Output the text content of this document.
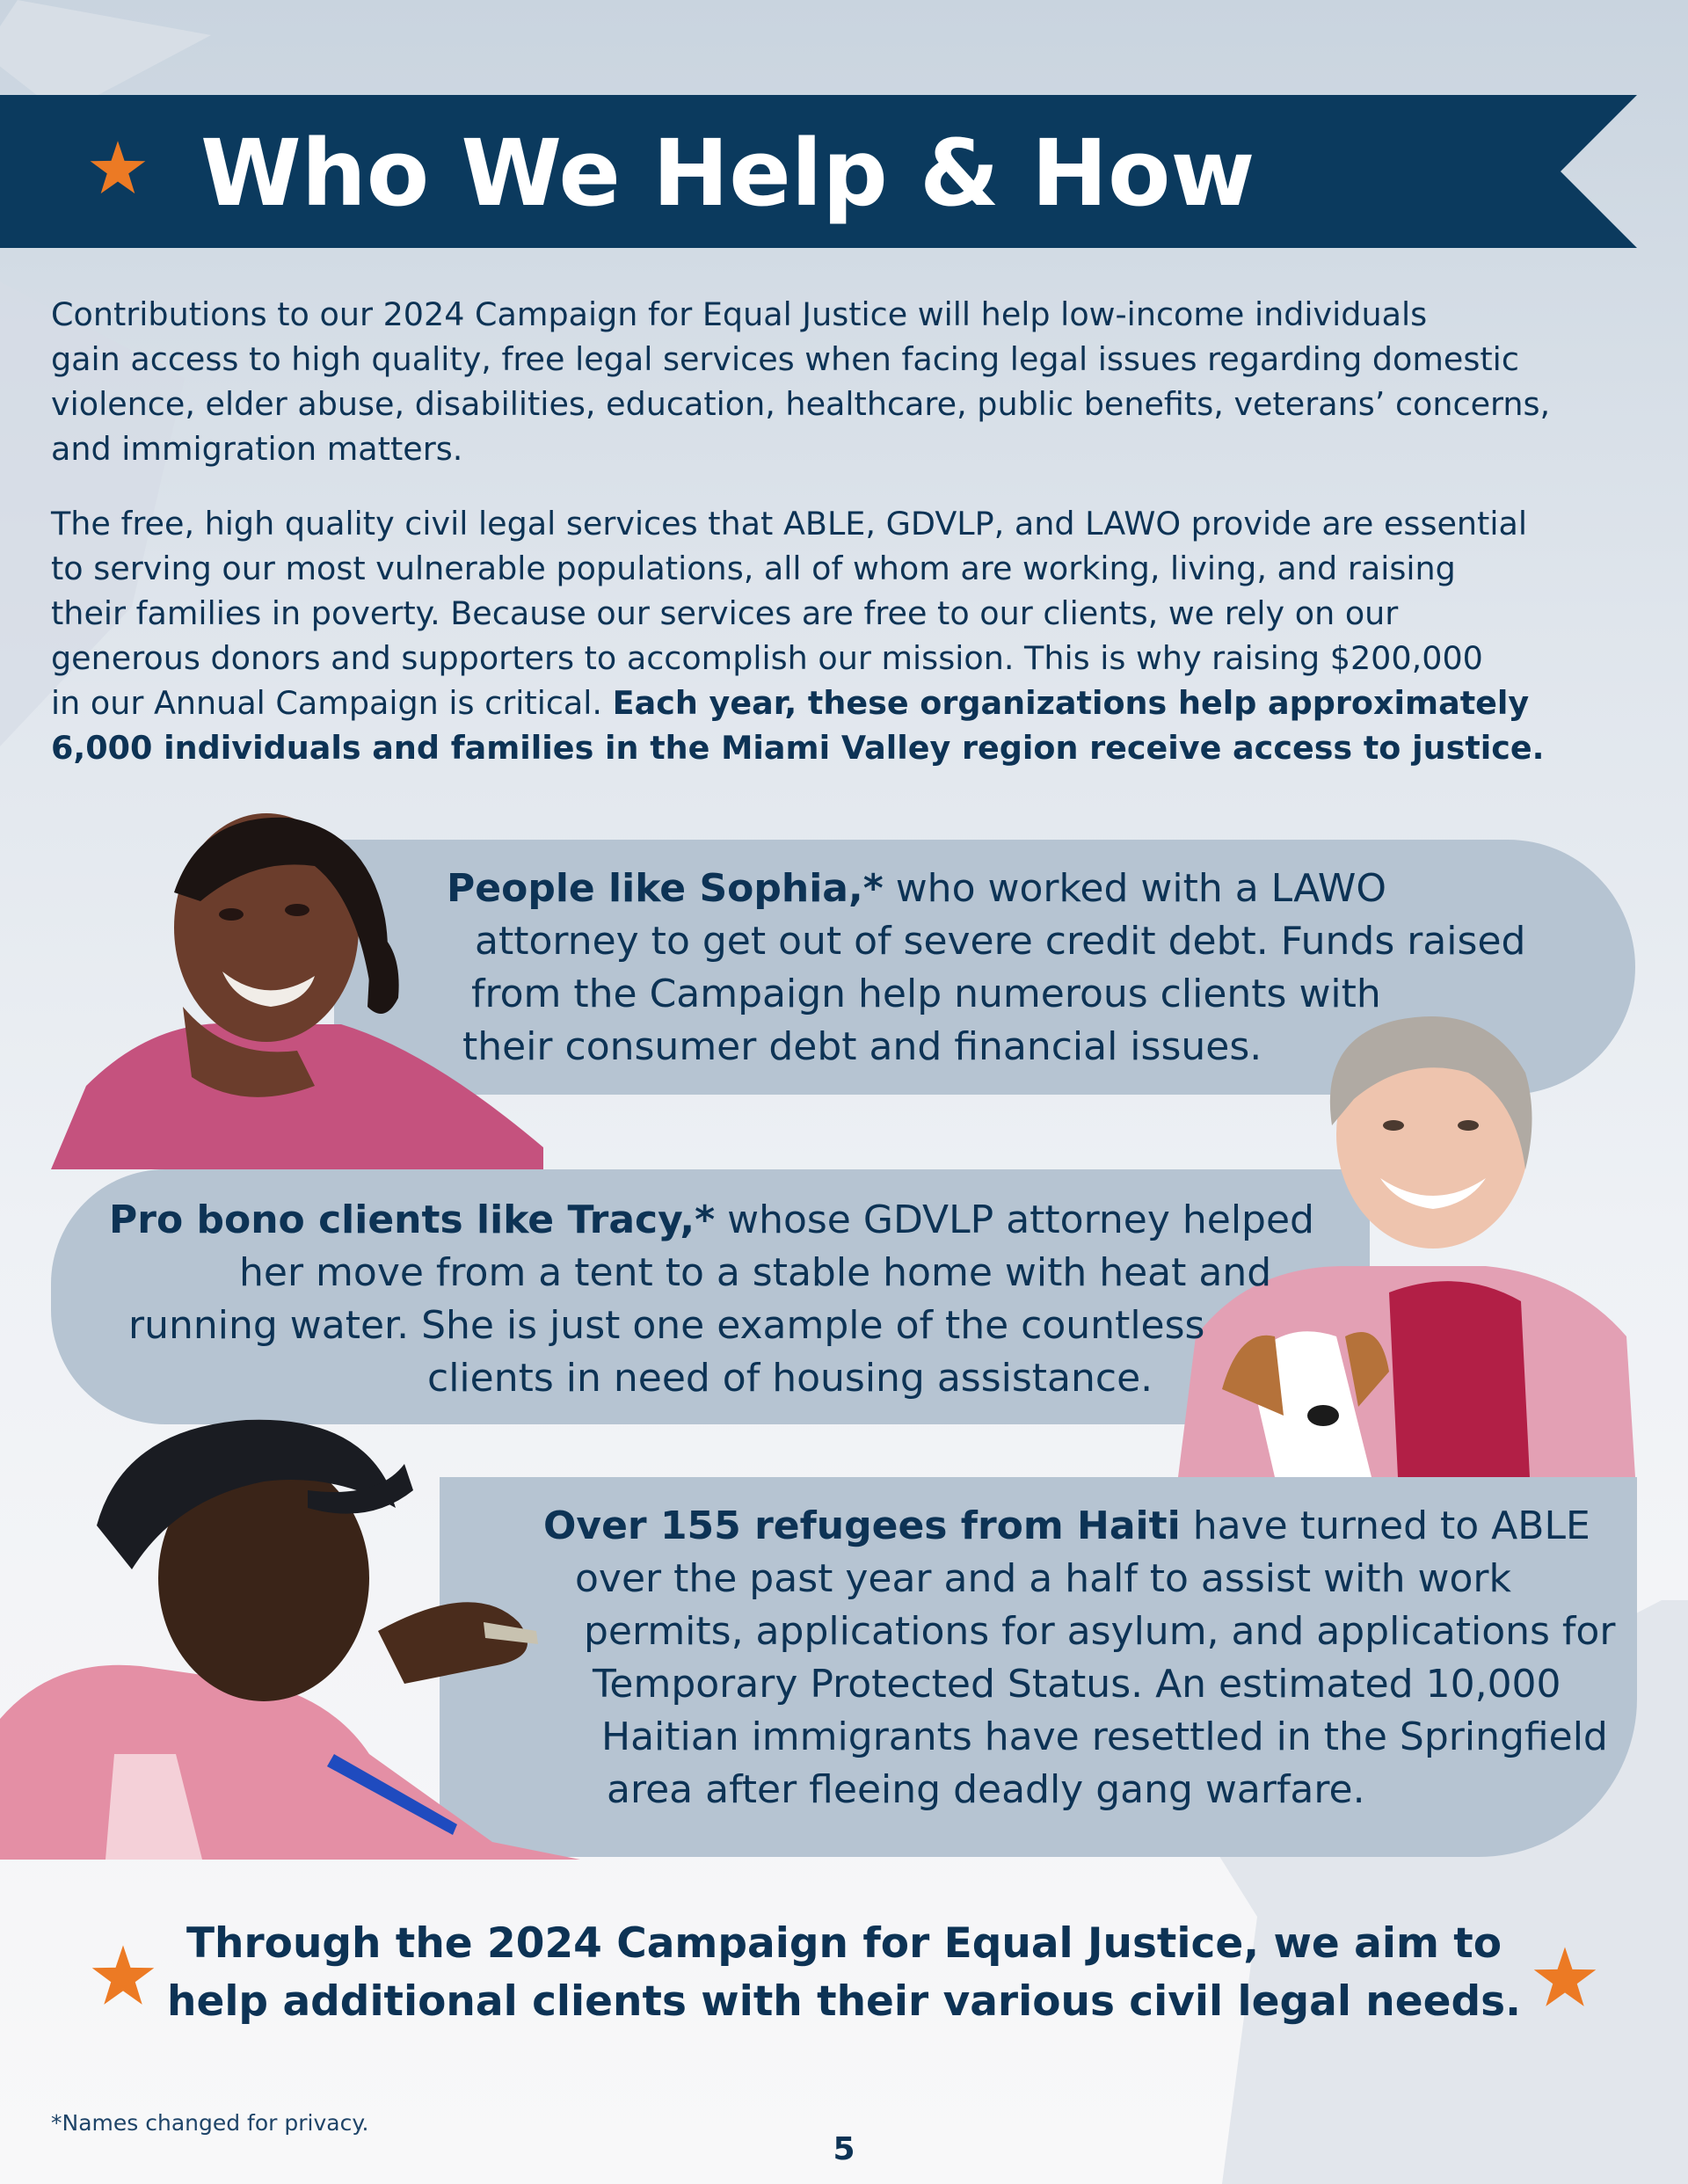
Who We Help & How

Contributions to our 2024 Campaign for Equal Justice will help low-income individuals
gain access to high quality, free legal services when facing legal issues regarding domestic
violence, elder abuse, disabilities, education, healthcare, public benefits, veterans’ concerns,
and immigration matters.

The free, high quality civil legal services that ABLE, GDVLP, and LAWO provide are essential
to serving our most vulnerable populations, all of whom are working, living, and raising
their families in poverty. Because our services are free to our clients, we rely on our
generous donors and supporters to accomplish our mission. This is why raising $200,000
in our Annual Campaign is critical. Each year, these organizations help approximately
6,000 individuals and families in the Miami Valley region receive access to justice.

People like Sophia,* who worked with a LAWO

attorney to get out of severe credit debt. Funds raised

from the Campaign help numerous clients with

their consumer debt and financial issues.

Pro bono clients like Tracy,* whose GDVLP attorney helped

her move from a tent to a stable home with heat and

running water. She is just one example of the countless

clients in need of housing assistance.

Over 155 refugees from Haiti have turned to ABLE

over the past year and a half to assist with work

permits, applications for asylum, and applications for

Temporary Protected Status. An estimated 10,000

Haitian immigrants have resettled in the Springfield

area after fleeing deadly gang warfare.

Through the 2024 Campaign for Equal Justice, we aim to
help additional clients with their various civil legal needs.

*Names changed for privacy.

5
